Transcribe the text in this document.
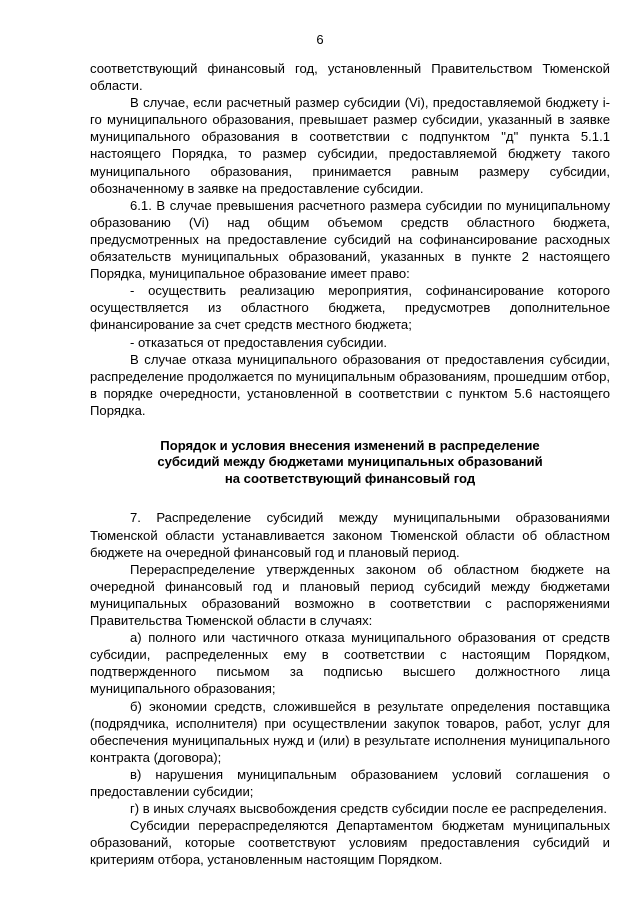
6

соответствующий финансовый год, установленный Правительством Тюменской области.

В случае, если расчетный размер субсидии (Vi), предоставляемой бюджету i-го муниципального образования, превышает размер субсидии, указанный в заявке муниципального образования в соответствии с подпунктом "д" пункта 5.1.1 настоящего Порядка, то размер субсидии, предоставляемой бюджету такого муниципального образования, принимается равным размеру субсидии, обозначенному в заявке на предоставление субсидии.

6.1. В случае превышения расчетного размера субсидии по муниципальному образованию (Vi) над общим объемом средств областного бюджета, предусмотренных на предоставление субсидий на софинансирование расходных обязательств муниципальных образований, указанных в пункте 2 настоящего Порядка, муниципальное образование имеет право:

- осуществить реализацию мероприятия, софинансирование которого осуществляется из областного бюджета, предусмотрев дополнительное финансирование за счет средств местного бюджета;

- отказаться от предоставления субсидии.

В случае отказа муниципального образования от предоставления субсидии, распределение продолжается по муниципальным образованиям, прошедшим отбор, в порядке очередности, установленной в соответствии с пунктом 5.6 настоящего Порядка.

Порядок и условия внесения изменений в распределение
субсидий между бюджетами муниципальных образований
на соответствующий финансовый год

7. Распределение субсидий между муниципальными образованиями Тюменской области устанавливается законом Тюменской области об областном бюджете на очередной финансовый год и плановый период.

Перераспределение утвержденных законом об областном бюджете на очередной финансовый год и плановый период субсидий между бюджетами муниципальных образований возможно в соответствии с распоряжениями Правительства Тюменской области в случаях:

а) полного или частичного отказа муниципального образования от средств субсидии, распределенных ему в соответствии с настоящим Порядком, подтвержденного письмом за подписью высшего должностного лица муниципального образования;

б) экономии средств, сложившейся в результате определения поставщика (подрядчика, исполнителя) при осуществлении закупок товаров, работ, услуг для обеспечения муниципальных нужд и (или) в результате исполнения муниципального контракта (договора);

в) нарушения муниципальным образованием условий соглашения о предоставлении субсидии;

г) в иных случаях высвобождения средств субсидии после ее распределения.

Субсидии перераспределяются Департаментом бюджетам муниципальных образований, которые соответствуют условиям предоставления субсидий и критериям отбора, установленным настоящим Порядком.
